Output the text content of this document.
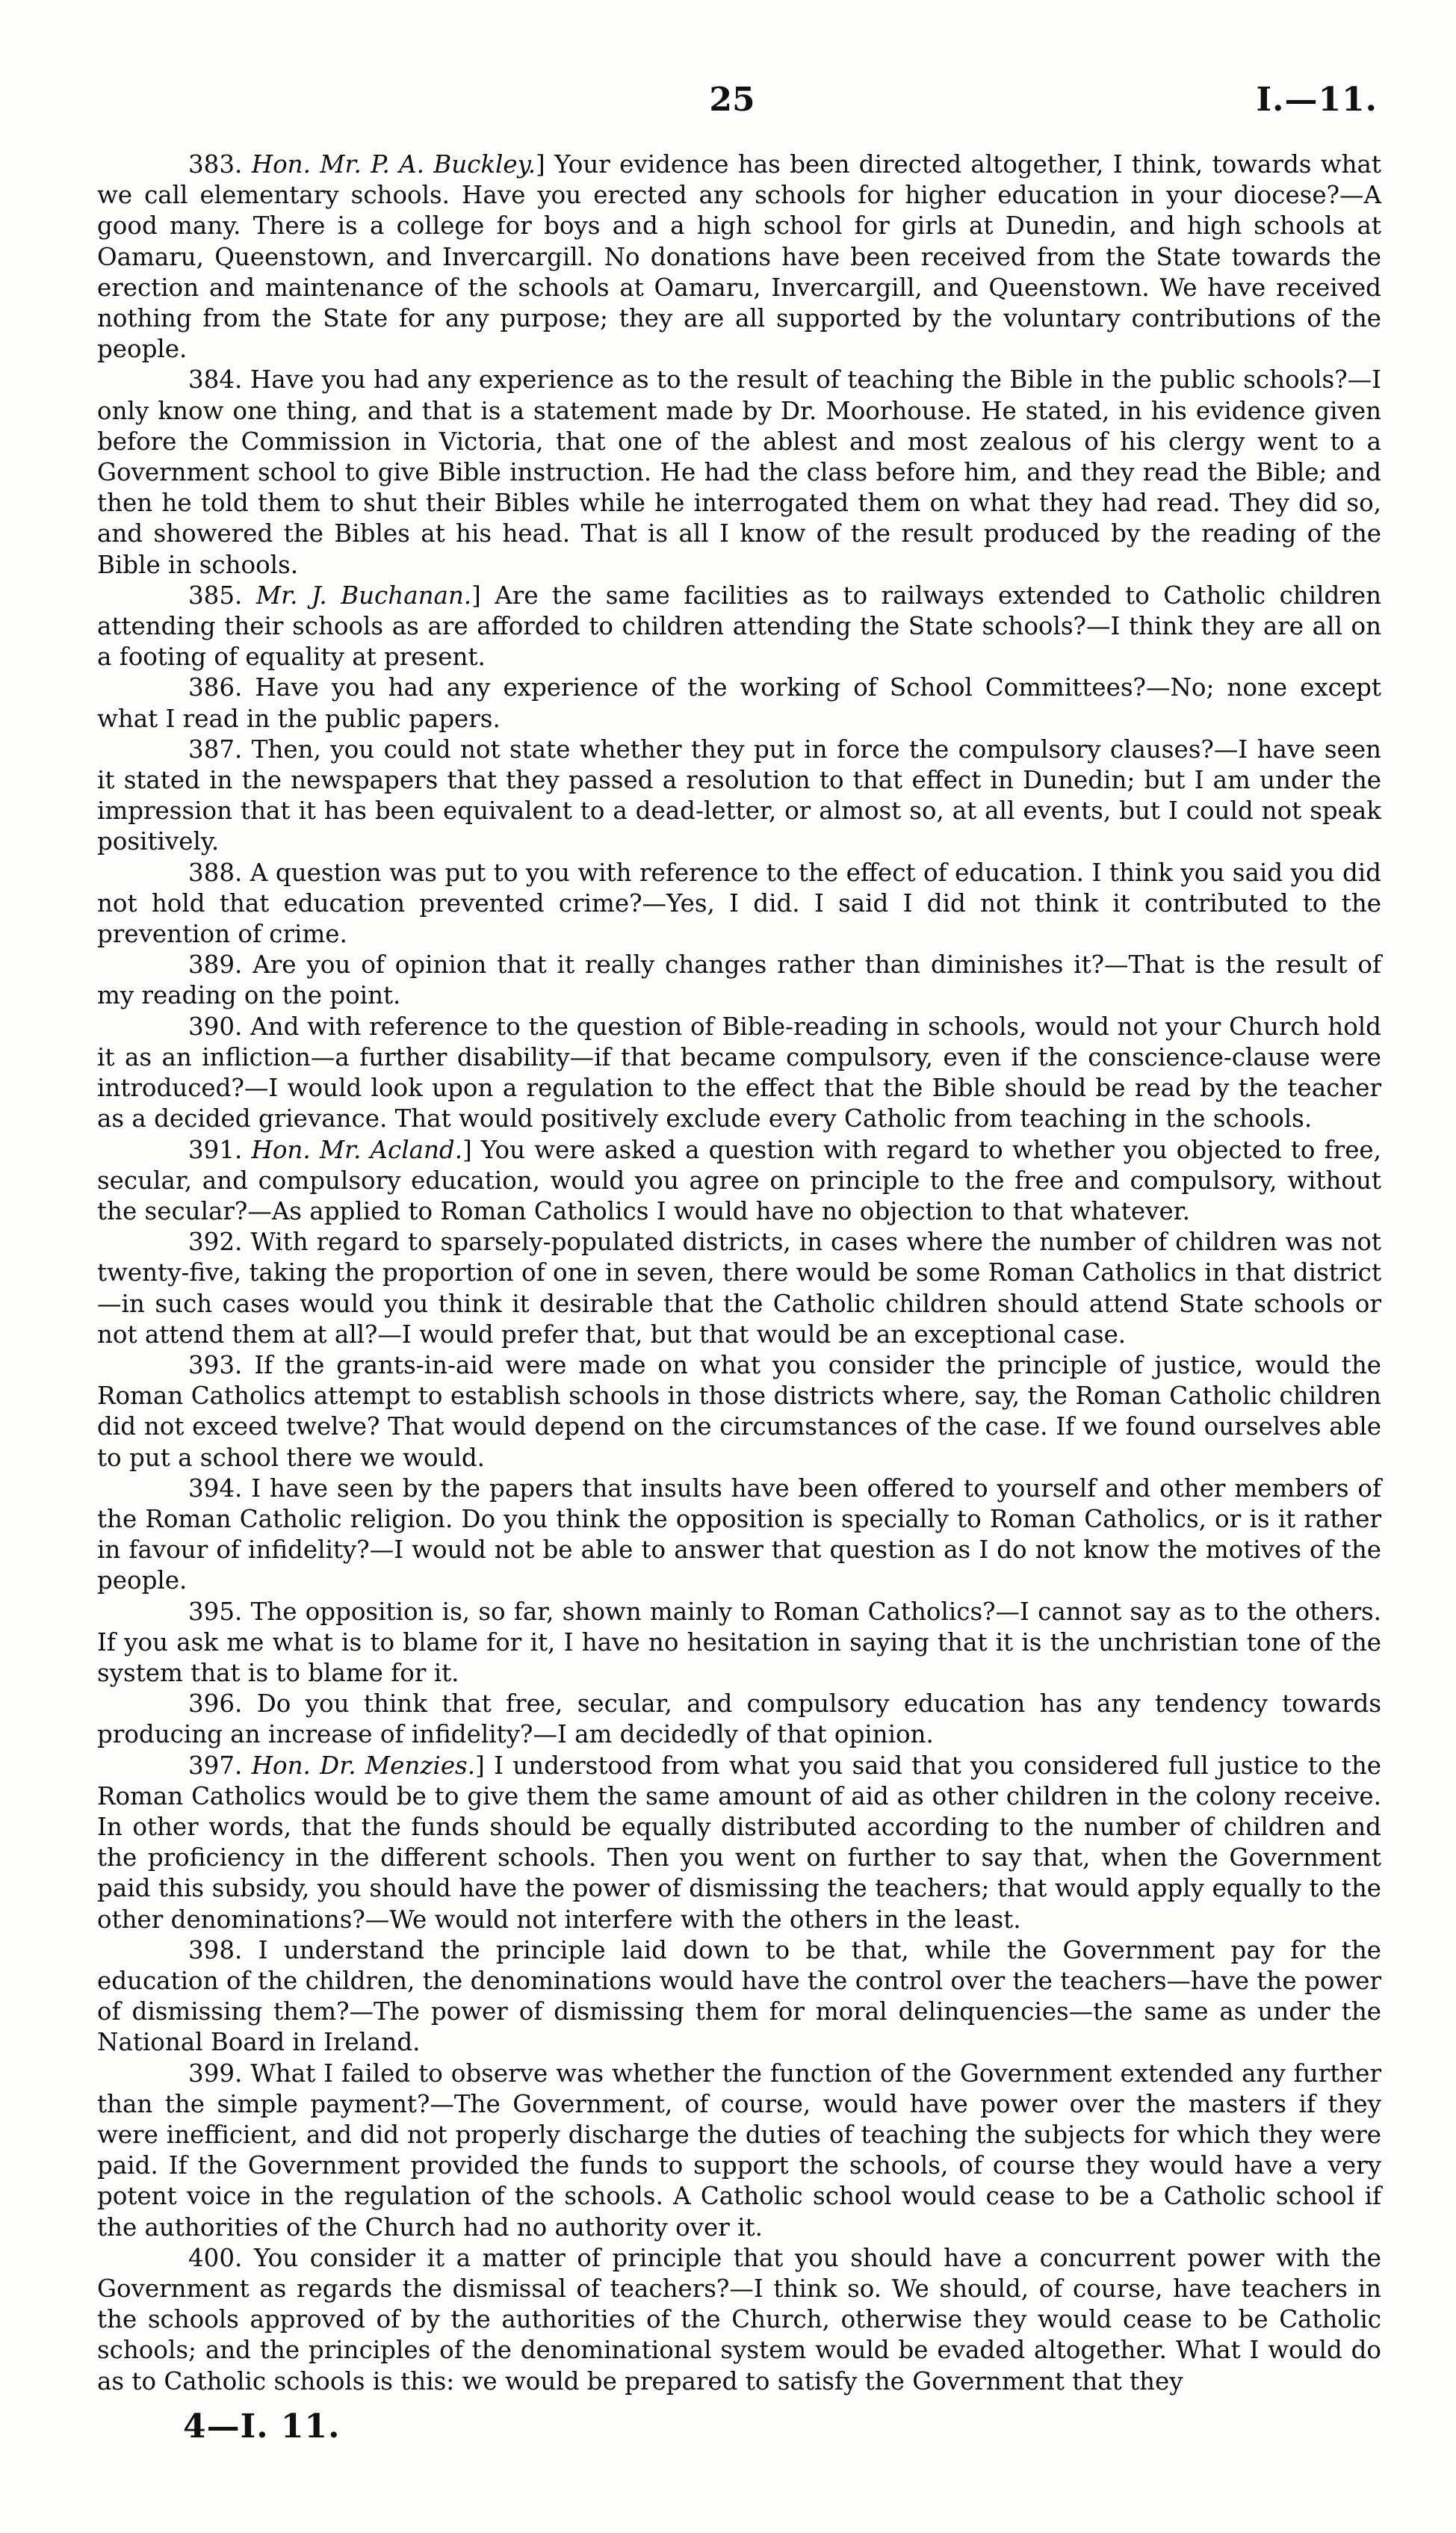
25	I.—11.

383. Hon. Mr. P. A. Buckley.] Your evidence has been directed altogether, I think, towards what we call elementary schools. Have you erected any schools for higher education in your diocese?—A good many. There is a college for boys and a high school for girls at Dunedin, and high schools at Oamaru, Queenstown, and Invercargill. No donations have been received from the State towards the erection and maintenance of the schools at Oamaru, Invercargill, and Queenstown. We have received nothing from the State for any purpose; they are all supported by the voluntary contributions of the people.

384. Have you had any experience as to the result of teaching the Bible in the public schools?—I only know one thing, and that is a statement made by Dr. Moorhouse. He stated, in his evidence given before the Commission in Victoria, that one of the ablest and most zealous of his clergy went to a Government school to give Bible instruction. He had the class before him, and they read the Bible; and then he told them to shut their Bibles while he interrogated them on what they had read. They did so, and showered the Bibles at his head. That is all I know of the result produced by the reading of the Bible in schools.

385. Mr. J. Buchanan.] Are the same facilities as to railways extended to Catholic children attending their schools as are afforded to children attending the State schools?—I think they are all on a footing of equality at present.

386. Have you had any experience of the working of School Committees?—No; none except what I read in the public papers.

387. Then, you could not state whether they put in force the compulsory clauses?—I have seen it stated in the newspapers that they passed a resolution to that effect in Dunedin; but I am under the impression that it has been equivalent to a dead-letter, or almost so, at all events, but I could not speak positively.

388. A question was put to you with reference to the effect of education. I think you said you did not hold that education prevented crime?—Yes, I did. I said I did not think it contributed to the prevention of crime.

389. Are you of opinion that it really changes rather than diminishes it?—That is the result of my reading on the point.

390. And with reference to the question of Bible-reading in schools, would not your Church hold it as an infliction—a further disability—if that became compulsory, even if the conscience-clause were introduced?—I would look upon a regulation to the effect that the Bible should be read by the teacher as a decided grievance. That would positively exclude every Catholic from teaching in the schools.

391. Hon. Mr. Acland.] You were asked a question with regard to whether you objected to free, secular, and compulsory education, would you agree on principle to the free and compulsory, without the secular?—As applied to Roman Catholics I would have no objection to that whatever.

392. With regard to sparsely-populated districts, in cases where the number of children was not twenty-five, taking the proportion of one in seven, there would be some Roman Catholics in that district—in such cases would you think it desirable that the Catholic children should attend State schools or not attend them at all?—I would prefer that, but that would be an exceptional case.

393. If the grants-in-aid were made on what you consider the principle of justice, would the Roman Catholics attempt to establish schools in those districts where, say, the Roman Catholic children did not exceed twelve? That would depend on the circumstances of the case. If we found ourselves able to put a school there we would.

394. I have seen by the papers that insults have been offered to yourself and other members of the Roman Catholic religion. Do you think the opposition is specially to Roman Catholics, or is it rather in favour of infidelity?—I would not be able to answer that question as I do not know the motives of the people.

395. The opposition is, so far, shown mainly to Roman Catholics?—I cannot say as to the others. If you ask me what is to blame for it, I have no hesitation in saying that it is the unchristian tone of the system that is to blame for it.

396. Do you think that free, secular, and compulsory education has any tendency towards producing an increase of infidelity?—I am decidedly of that opinion.

397. Hon. Dr. Menzies.] I understood from what you said that you considered full justice to the Roman Catholics would be to give them the same amount of aid as other children in the colony receive. In other words, that the funds should be equally distributed according to the number of children and the proficiency in the different schools. Then you went on further to say that, when the Government paid this subsidy, you should have the power of dismissing the teachers; that would apply equally to the other denominations?—We would not interfere with the others in the least.

398. I understand the principle laid down to be that, while the Government pay for the education of the children, the denominations would have the control over the teachers—have the power of dismissing them?—The power of dismissing them for moral delinquencies—the same as under the National Board in Ireland.

399. What I failed to observe was whether the function of the Government extended any further than the simple payment?—The Government, of course, would have power over the masters if they were inefficient, and did not properly discharge the duties of teaching the subjects for which they were paid. If the Government provided the funds to support the schools, of course they would have a very potent voice in the regulation of the schools. A Catholic school would cease to be a Catholic school if the authorities of the Church had no authority over it.

400. You consider it a matter of principle that you should have a concurrent power with the Government as regards the dismissal of teachers?—I think so. We should, of course, have teachers in the schools approved of by the authorities of the Church, otherwise they would cease to be Catholic schools; and the principles of the denominational system would be evaded altogether. What I would do as to Catholic schools is this: we would be prepared to satisfy the Government that they

4—I. 11.
